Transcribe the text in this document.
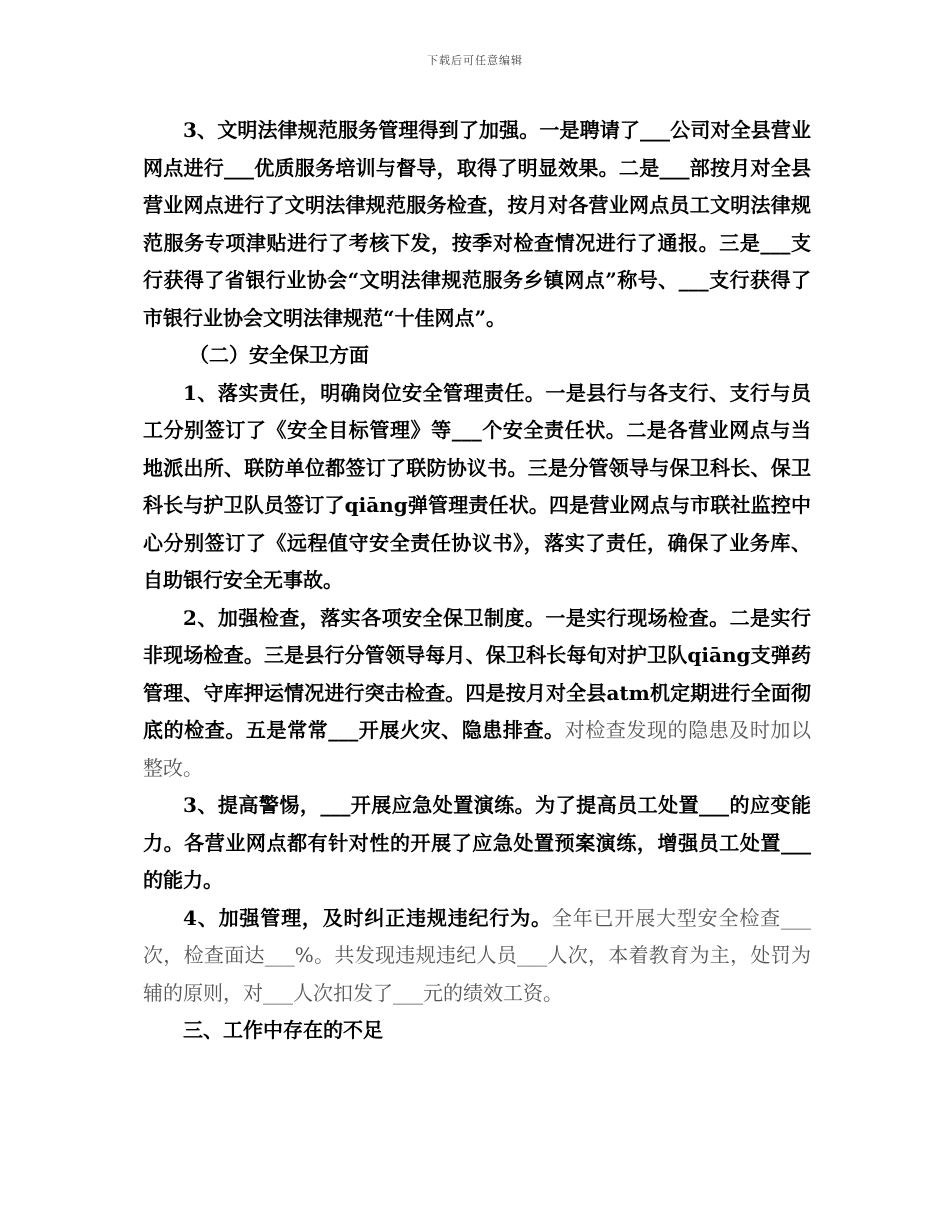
下载后可任意编辑

3、文明法律规范服务管理得到了加强。一是聘请了___公司对全县营业网点进行___优质服务培训与督导，取得了明显效果。二是___部按月对全县营业网点进行了文明法律规范服务检查，按月对各营业网点员工文明法律规范服务专项津贴进行了考核下发，按季对检查情况进行了通报。三是___支行获得了省银行业协会“文明法律规范服务乡镇网点”称号、___支行获得了市银行业协会文明法律规范“十佳网点”。

（二）安全保卫方面

1、落实责任，明确岗位安全管理责任。一是县行与各支行、支行与员工分别签订了《安全目标管理》等___个安全责任状。二是各营业网点与当地派出所、联防单位都签订了联防协议书。三是分管领导与保卫科长、保卫科长与护卫队员签订了qiāng弹管理责任状。四是营业网点与市联社监控中心分别签订了《远程值守安全责任协议书》，落实了责任，确保了业务库、自助银行安全无事故。

2、加强检查，落实各项安全保卫制度。一是实行现场检查。二是实行非现场检查。三是县行分管领导每月、保卫科长每旬对护卫队qiāng支弹药管理、守库押运情况进行突击检查。四是按月对全县atm机定期进行全面彻底的检查。五是常常___开展火灾、隐患排查。对检查发现的隐患及时加以整改。

3、提高警惕，___开展应急处置演练。为了提高员工处置___的应变能力。各营业网点都有针对性的开展了应急处置预案演练，增强员工处置___的能力。

4、加强管理，及时纠正违规违纪行为。全年已开展大型安全检查___次，检查面达___%。共发现违规违纪人员___人次，本着教育为主，处罚为辅的原则，对___人次扣发了___元的绩效工资。

三、工作中存在的不足
